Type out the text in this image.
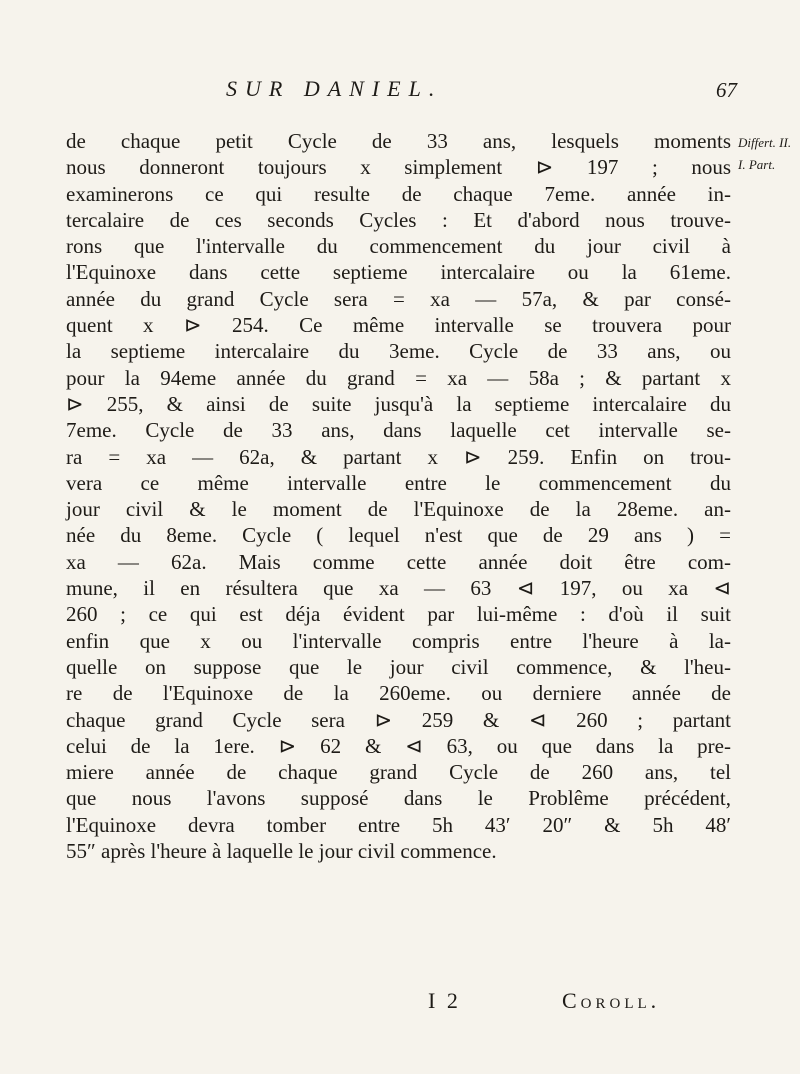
SUR DANIEL.	67
Differt. II.
I. Part.
de chaque petit Cycle de 33 ans, lesquels moments
nous donneront toujours x simplement ⊳ 197 ; nous
examinerons ce qui resulte de chaque 7eme. année in-
tercalaire de ces seconds Cycles : Et d'abord nous trouve-
rons que l'intervalle du commencement du jour civil à
l'Equinoxe dans cette septieme intercalaire ou la 61eme.
année du grand Cycle sera = xa — 57a, & par consé-
quent x ⊳ 254. Ce même intervalle se trouvera pour
la septieme intercalaire du 3eme. Cycle de 33 ans, ou
pour la 94eme année du grand = xa — 58a ; & partant x
⊳ 255, & ainsi de suite jusqu'à la septieme intercalaire du
7eme. Cycle de 33 ans, dans laquelle cet intervalle se-
ra = xa — 62a, & partant x ⊳ 259. Enfin on trou-
vera ce même intervalle entre le commencement du
jour civil & le moment de l'Equinoxe de la 28eme. an-
née du 8eme. Cycle ( lequel n'est que de 29 ans ) =
xa — 62a. Mais comme cette année doit être com-
mune, il en résultera que xa — 63 ⊲ 197, ou xa ⊲
260 ; ce qui est déja évident par lui-même : d'où il suit
enfin que x ou l'intervalle compris entre l'heure à la-
quelle on suppose que le jour civil commence, & l'heu-
re de l'Equinoxe de la 260eme. ou derniere année de
chaque grand Cycle sera ⊳ 259 & ⊲ 260 ; partant
celui de la 1ere. ⊳ 62 & ⊲ 63, ou que dans la pre-
miere année de chaque grand Cycle de 260 ans, tel
que nous l'avons supposé dans le Problême précédent,
l'Equinoxe devra tomber entre 5h 43′ 20″ & 5h 48′
55″ après l'heure à laquelle le jour civil commence.
I 2	Coroll.
